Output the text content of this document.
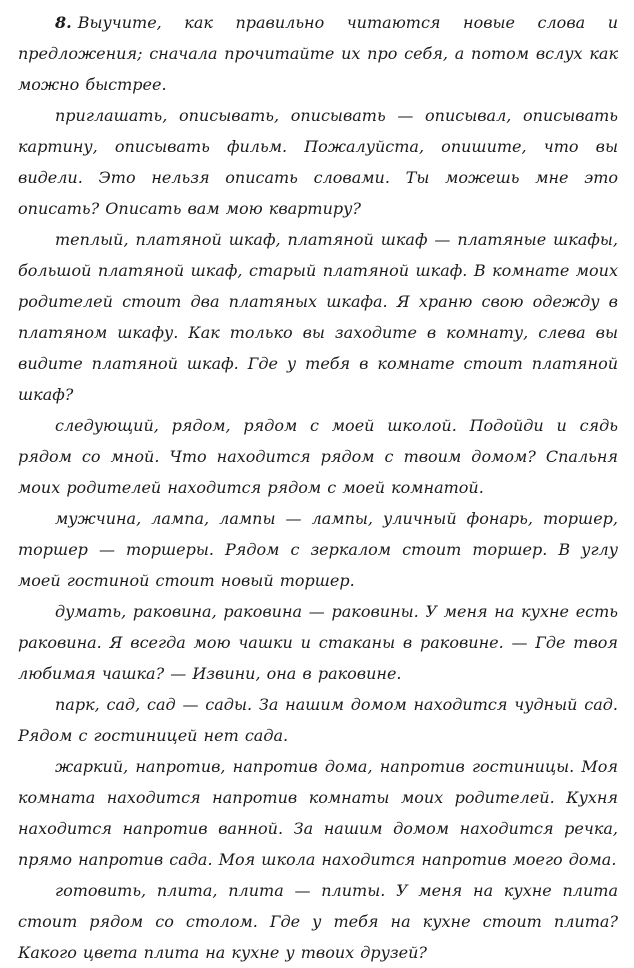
8. Выучите, как правильно читаются новые слова и предложения; сначала прочитайте их про себя, а потом вслух как можно быстрее.

приглашать, описывать, описывать — описывал, описывать картину, описывать фильм. Пожалуйста, опишите, что вы видели. Это нельзя описать словами. Ты можешь мне это описать? Описать вам мою квартиру?

теплый, платяной шкаф, платяной шкаф — платяные шкафы, большой платяной шкаф, старый платяной шкаф. В комнате моих родителей стоит два платяных шкафа. Я храню свою одежду в платяном шкафу. Как только вы заходите в комнату, слева вы видите платяной шкаф. Где у тебя в комнате стоит платяной шкаф?

следующий, рядом, рядом с моей школой. Подойди и сядь рядом со мной. Что находится рядом с твоим домом? Спальня моих родителей находится рядом с моей комнатой.

мужчина, лампа, лампы — лампы, уличный фонарь, торшер, торшер — торшеры. Рядом с зеркалом стоит торшер. В углу моей гостиной стоит новый торшер.

думать, раковина, раковина — раковины. У меня на кухне есть раковина. Я всегда мою чашки и стаканы в раковине. — Где твоя любимая чашка? — Извини, она в раковине.

парк, сад, сад — сады. За нашим домом находится чудный сад. Рядом с гостиницей нет сада.

жаркий, напротив, напротив дома, напротив гостиницы. Моя комната находится напротив комнаты моих родителей. Кухня находится напротив ванной. За нашим домом находится речка, прямо напротив сада. Моя школа находится напротив моего дома.

готовить, плита, плита — плиты. У меня на кухне плита стоит рядом со столом. Где у тебя на кухне стоит плита? Какого цвета плита на кухне у твоих друзей?
